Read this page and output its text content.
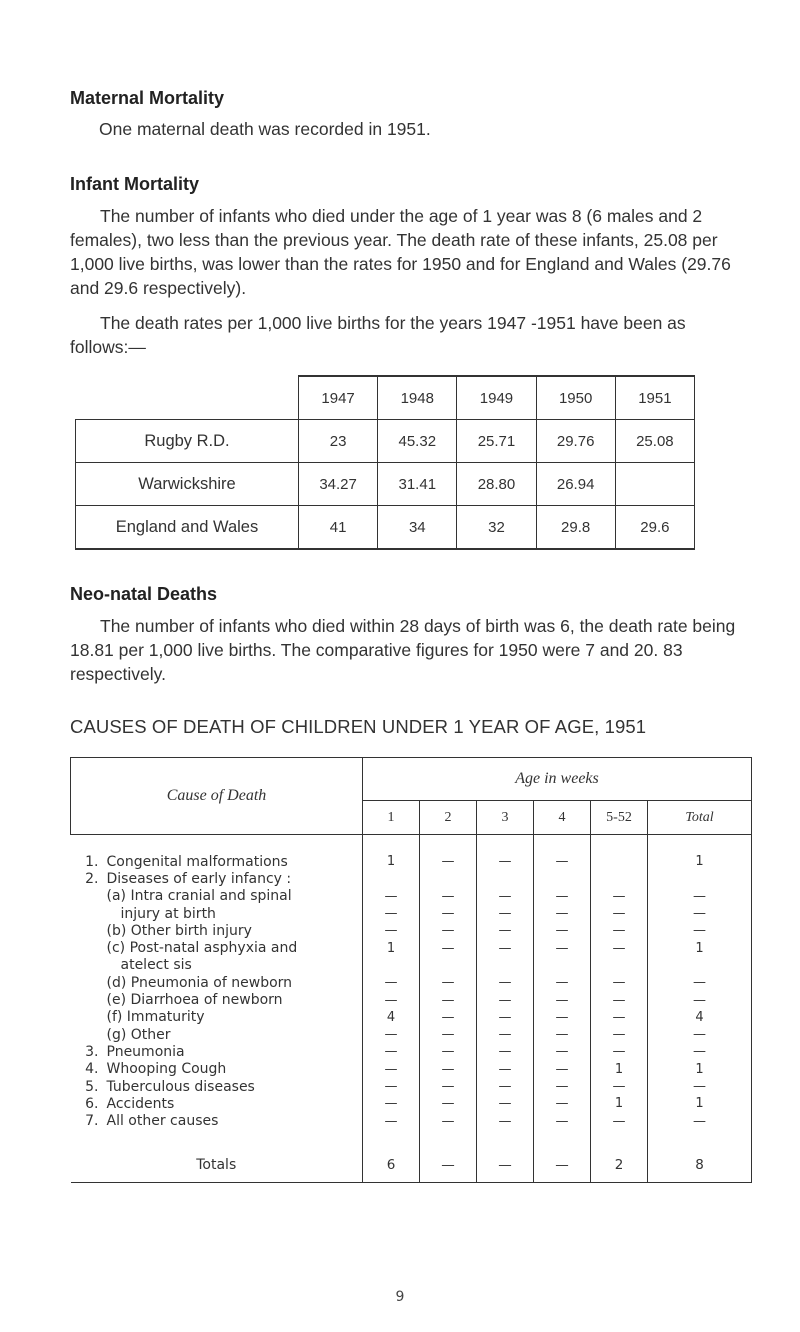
Maternal Mortality

One maternal death was recorded in 1951.

Infant Mortality

The number of infants who died under the age of 1 year was 8 (6 males and 2 females), two less than the previous year. The death rate of these infants, 25.08 per 1,000 live births, was lower than the rates for 1950 and for England and Wales (29.76 and 29.6 respectively).

The death rates per 1,000 live births for the years 1947 -1951 have been as follows:—

	1947	1948	1949	1950	1951
Rugby R.D.	23	45.32	25.71	29.76	25.08
Warwickshire	34.27	31.41	28.80	26.94	
England and Wales	41	34	32	29.8	29.6
Neo-natal Deaths

The number of infants who died within 28 days of birth was 6, the death rate being 18.81 per 1,000 live births. The comparative figures for 1950 were 7 and 20. 83 respectively.

CAUSES OF DEATH OF CHILDREN UNDER 1 YEAR OF AGE, 1951
Cause of Death	Age in weeks					
	1	2	3	4	5-52	Total

1. Congenital malformations	1	—	—	—		1
2. Diseases of early infancy :						
(a) Intra cranial and spinal	—	—	—	—	—	—
injury at birth	—	—	—	—	—	—
(b) Other birth injury	—	—	—	—	—	—
(c) Post-natal asphyxia and	1	—	—	—	—	1
atelect sis						
(d) Pneumonia of newborn	—	—	—	—	—	—
(e) Diarrhoea of newborn	—	—	—	—	—	—
(f) Immaturity	4	—	—	—	—	4
(g) Other	—	—	—	—	—	—
3. Pneumonia	—	—	—	—	—	—
4. Whooping Cough	—	—	—	—	1	1
5. Tuberculous diseases	—	—	—	—	—	—
6. Accidents	—	—	—	—	1	1
7. All other causes	—	—	—	—	—	—

Totals	6	—	—	—	2	8
9
